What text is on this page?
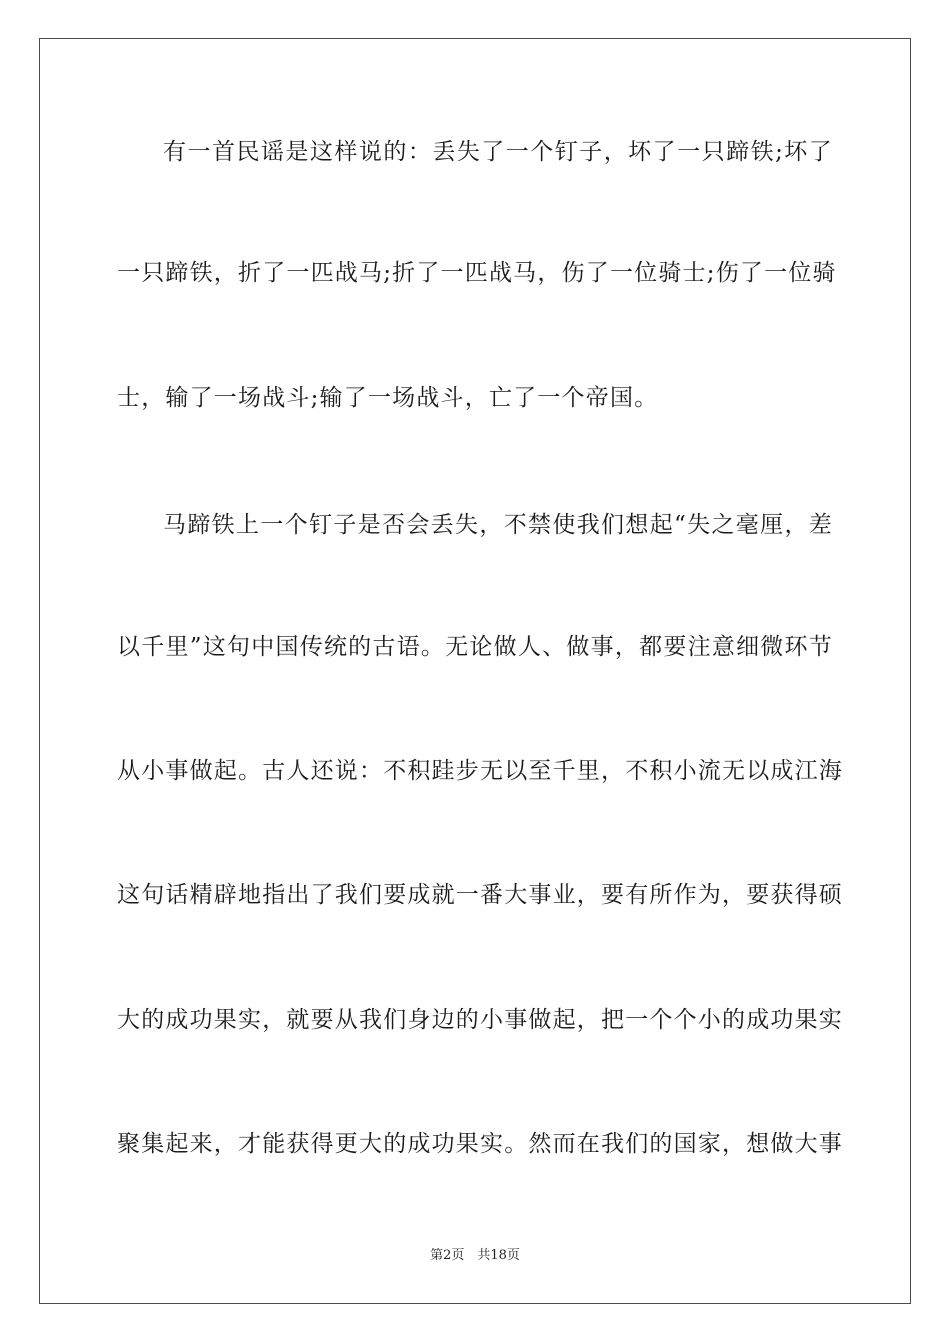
有一首民谣是这样说的：丢失了一个钉子，坏了一只蹄铁;坏了
一只蹄铁，折了一匹战马;折了一匹战马，伤了一位骑士;伤了一位骑
士，输了一场战斗;输了一场战斗，亡了一个帝国。
马蹄铁上一个钉子是否会丢失，不禁使我们想起“失之毫厘，差
以千里”这句中国传统的古语。无论做人、做事，都要注意细微环节
从小事做起。古人还说：不积跬步无以至千里，不积小流无以成江海
这句话精辟地指出了我们要成就一番大事业，要有所作为，要获得硕
大的成功果实，就要从我们身边的小事做起，把一个个小的成功果实
聚集起来，才能获得更大的成功果实。然而在我们的国家，想做大事
第2页　共18页
